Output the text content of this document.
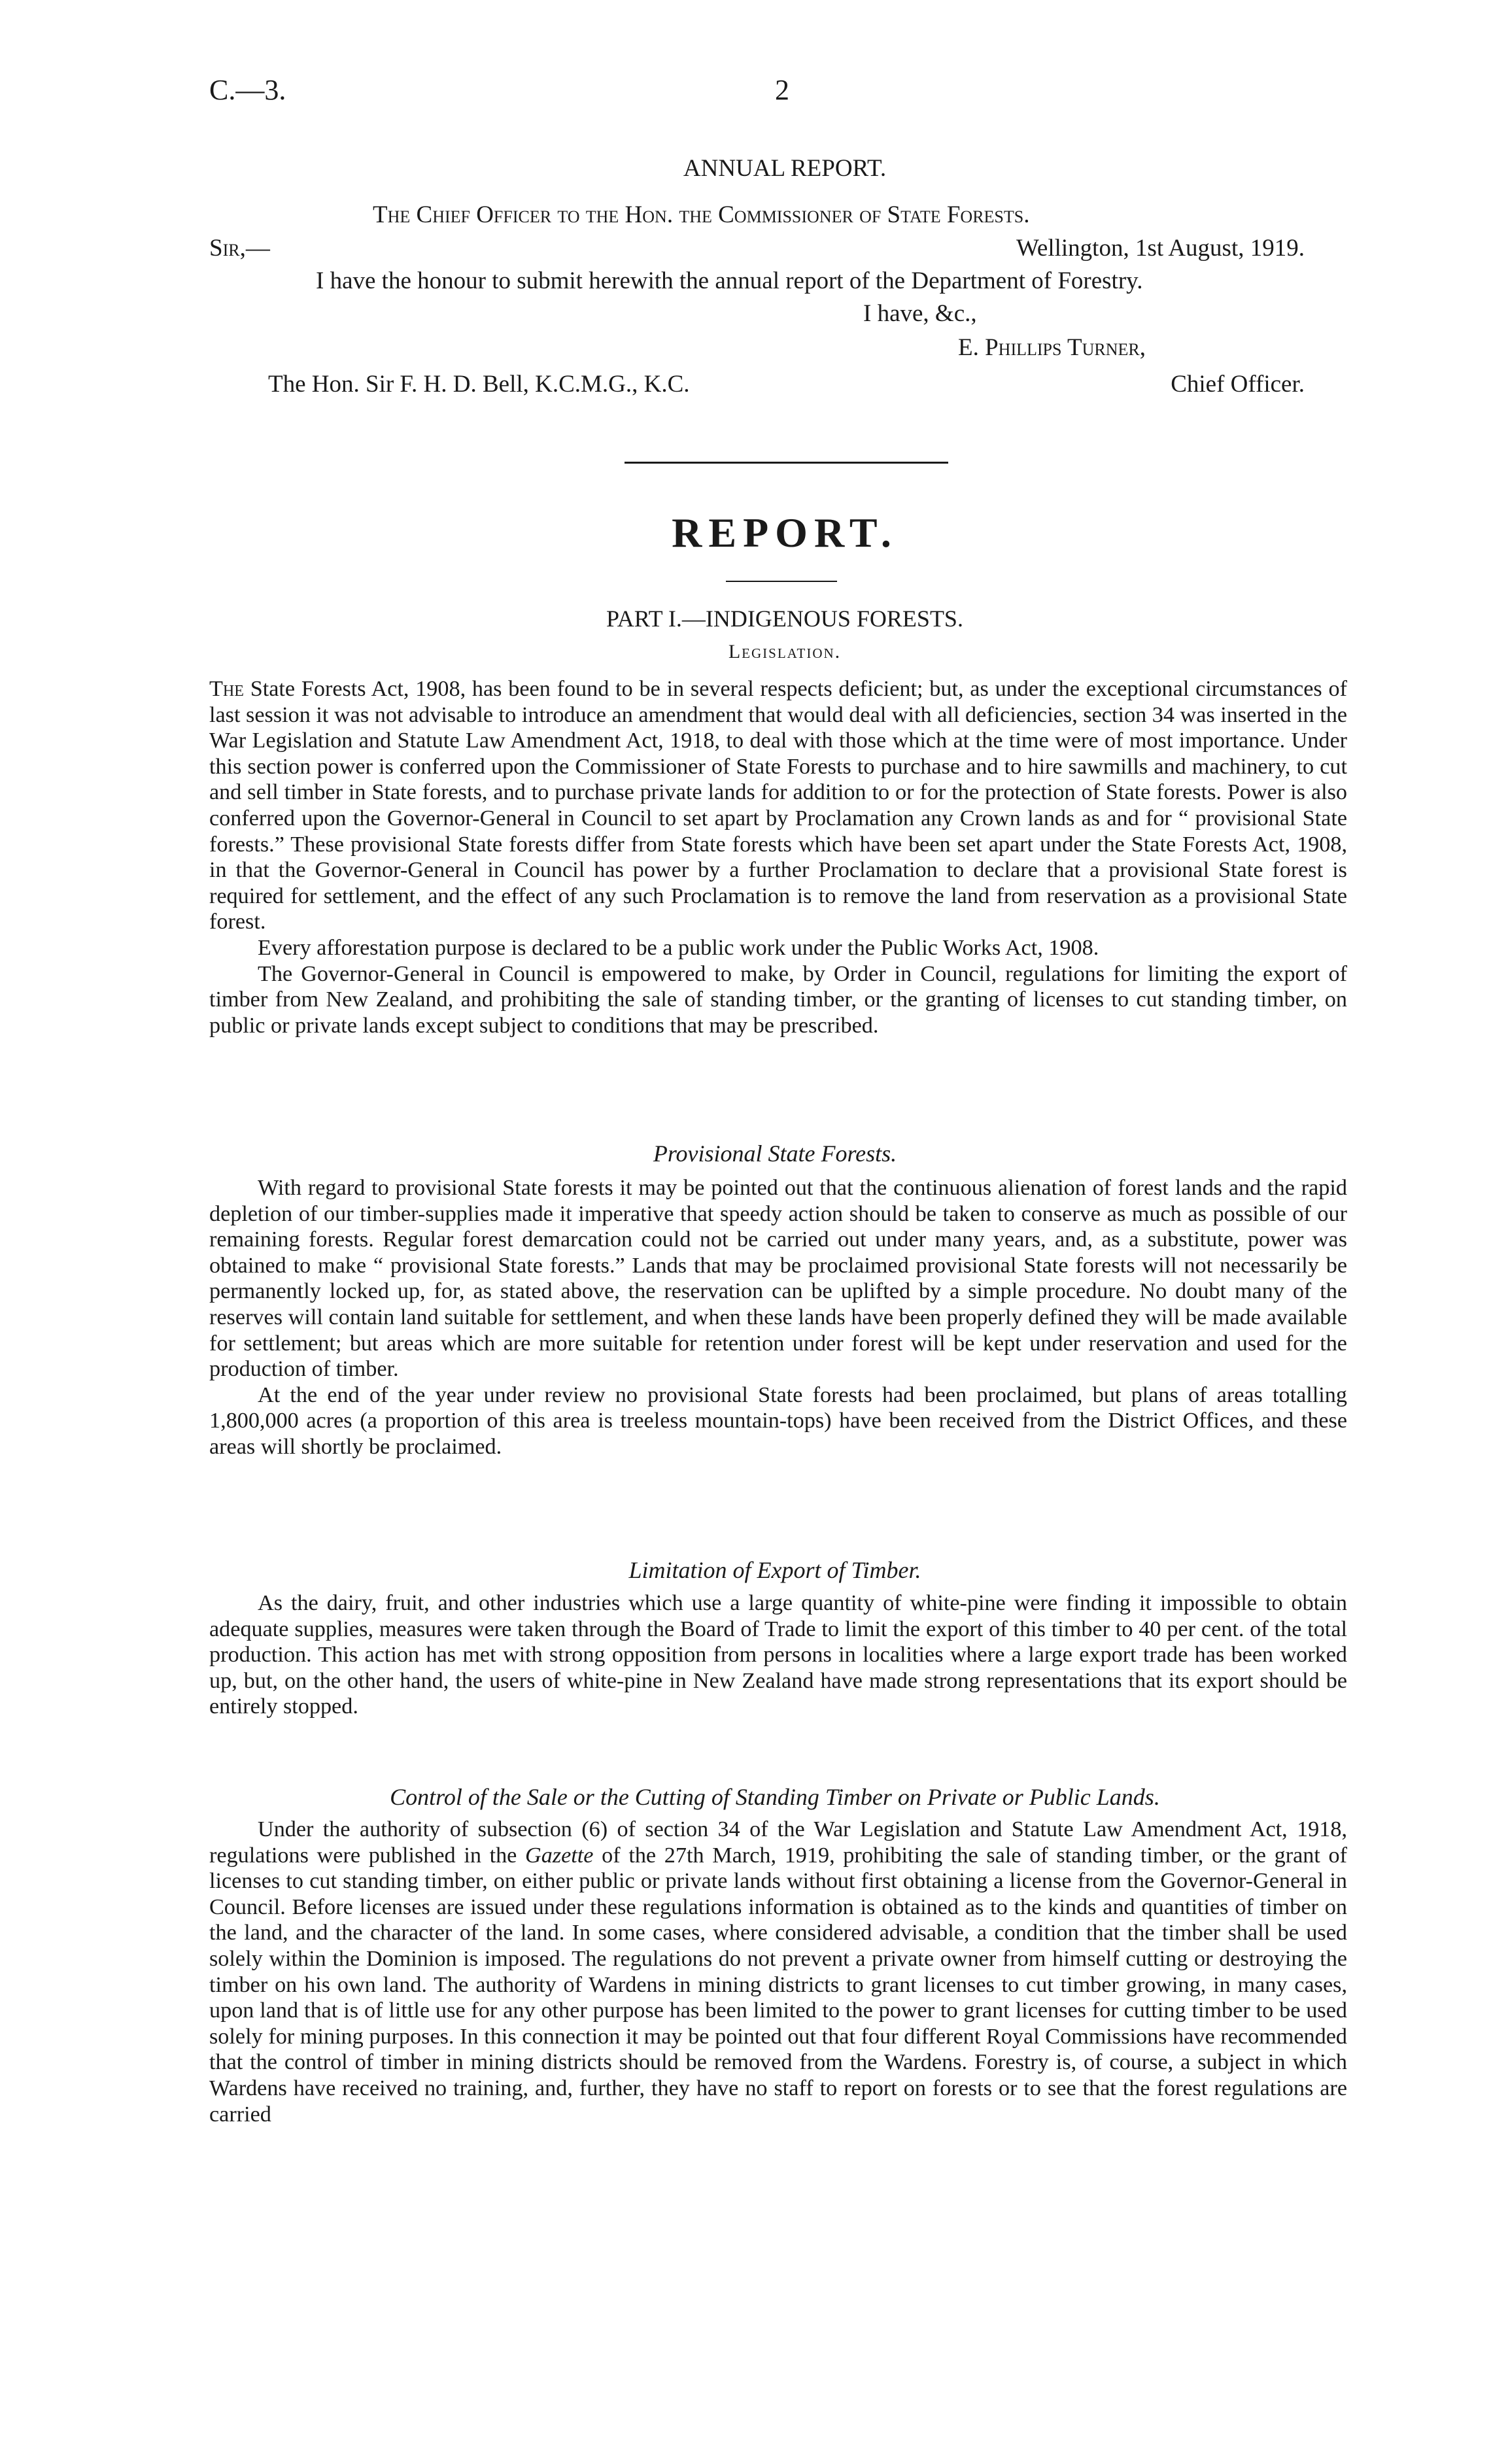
C.—3.	2
ANNUAL REPORT.
The Chief Officer to the Hon. the Commissioner of State Forests.
Sir,—	Wellington, 1st August, 1919.
I have the honour to submit herewith the annual report of the Department of Forestry.
I have, &c.,
E. Phillips Turner,
The Hon. Sir F. H. D. Bell, K.C.M.G., K.C.	Chief Officer.
REPORT.
PART I.—INDIGENOUS FORESTS.
Legislation.

The State Forests Act, 1908, has been found to be in several respects deficient; but, as under the exceptional circumstances of last session it was not advisable to introduce an amendment that would deal with all deficiencies, section 34 was inserted in the War Legislation and Statute Law Amendment Act, 1918, to deal with those which at the time were of most importance. Under this section power is conferred upon the Commissioner of State Forests to purchase and to hire sawmills and machinery, to cut and sell timber in State forests, and to purchase private lands for addition to or for the protection of State forests. Power is also conferred upon the Governor-General in Council to set apart by Proclamation any Crown lands as and for “ provisional State forests.” These provisional State forests differ from State forests which have been set apart under the State Forests Act, 1908, in that the Governor-General in Council has power by a further Proclamation to declare that a provisional State forest is required for settlement, and the effect of any such Proclamation is to remove the land from reservation as a provisional State forest.

Every afforestation purpose is declared to be a public work under the Public Works Act, 1908.

The Governor-General in Council is empowered to make, by Order in Council, regulations for limiting the export of timber from New Zealand, and prohibiting the sale of standing timber, or the granting of licenses to cut standing timber, on public or private lands except subject to conditions that may be prescribed.

Provisional State Forests.

With regard to provisional State forests it may be pointed out that the continuous alienation of forest lands and the rapid depletion of our timber-supplies made it imperative that speedy action should be taken to conserve as much as possible of our remaining forests. Regular forest demarcation could not be carried out under many years, and, as a substitute, power was obtained to make “ provisional State forests.” Lands that may be proclaimed provisional State forests will not necessarily be permanently locked up, for, as stated above, the reservation can be uplifted by a simple procedure. No doubt many of the reserves will contain land suitable for settlement, and when these lands have been properly defined they will be made available for settlement; but areas which are more suitable for retention under forest will be kept under reservation and used for the production of timber.

At the end of the year under review no provisional State forests had been proclaimed, but plans of areas totalling 1,800,000 acres (a proportion of this area is treeless mountain-tops) have been received from the District Offices, and these areas will shortly be proclaimed.

Limitation of Export of Timber.

As the dairy, fruit, and other industries which use a large quantity of white-pine were finding it impossible to obtain adequate supplies, measures were taken through the Board of Trade to limit the export of this timber to 40 per cent. of the total production. This action has met with strong opposition from persons in localities where a large export trade has been worked up, but, on the other hand, the users of white-pine in New Zealand have made strong representations that its export should be entirely stopped.

Control of the Sale or the Cutting of Standing Timber on Private or Public Lands.

Under the authority of subsection (6) of section 34 of the War Legislation and Statute Law Amendment Act, 1918, regulations were published in the Gazette of the 27th March, 1919, prohibiting the sale of standing timber, or the grant of licenses to cut standing timber, on either public or private lands without first obtaining a license from the Governor-General in Council. Before licenses are issued under these regulations information is obtained as to the kinds and quantities of timber on the land, and the character of the land. In some cases, where considered advisable, a condition that the timber shall be used solely within the Dominion is imposed. The regulations do not prevent a private owner from himself cutting or destroying the timber on his own land. The authority of Wardens in mining districts to grant licenses to cut timber growing, in many cases, upon land that is of little use for any other purpose has been limited to the power to grant licenses for cutting timber to be used solely for mining purposes. In this connection it may be pointed out that four different Royal Commissions have recommended that the control of timber in mining districts should be removed from the Wardens. Forestry is, of course, a subject in which Wardens have received no training, and, further, they have no staff to report on forests or to see that the forest regulations are carried
